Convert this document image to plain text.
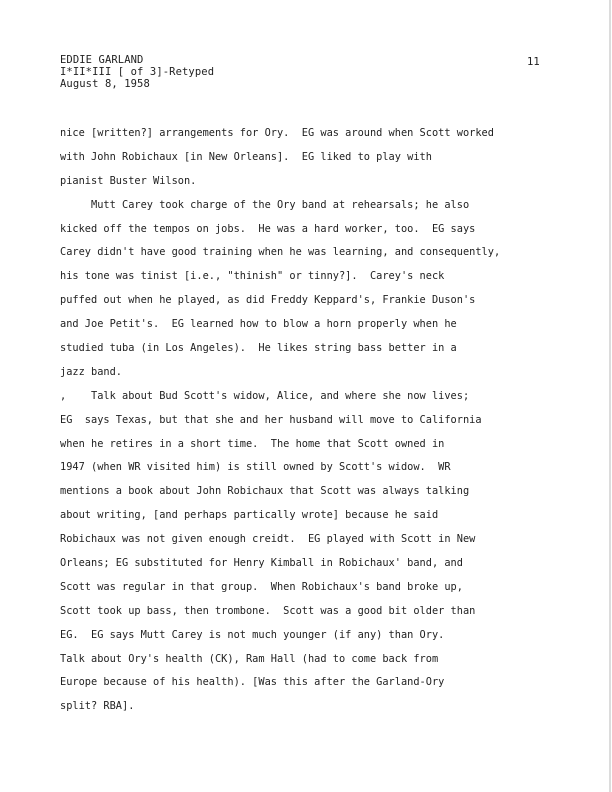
EDDIE GARLAND
I*II*III [ of 3]-Retyped
August 8, 1958
11
nice [written?] arrangements for Ory.  EG was around when Scott worked
with John Robichaux [in New Orleans].  EG liked to play with
pianist Buster Wilson.
Mutt Carey took charge of the Ory band at rehearsals; he also
kicked off the tempos on jobs.  He was a hard worker, too.  EG says
Carey didn't have good training when he was learning, and consequently,
his tone was tinist [i.e., "thinish" or tinny?].  Carey's neck
puffed out when he played, as did Freddy Keppard's, Frankie Duson's
and Joe Petit's.  EG learned how to blow a horn properly when he
studied tuba (in Los Angeles).  He likes string bass better in a
jazz band.
,    Talk about Bud Scott's widow, Alice, and where she now lives;
EG  says Texas, but that she and her husband will move to California
when he retires in a short time.  The home that Scott owned in
1947 (when WR visited him) is still owned by Scott's widow.  WR
mentions a book about John Robichaux that Scott was always talking
about writing, [and perhaps partically wrote] because he said
Robichaux was not given enough creidt.  EG played with Scott in New
Orleans; EG substituted for Henry Kimball in Robichaux' band, and
Scott was regular in that group.  When Robichaux's band broke up,
Scott took up bass, then trombone.  Scott was a good bit older than
EG.  EG says Mutt Carey is not much younger (if any) than Ory.
Talk about Ory's health (CK), Ram Hall (had to come back from
Europe because of his health). [Was this after the Garland-Ory
split? RBA].
